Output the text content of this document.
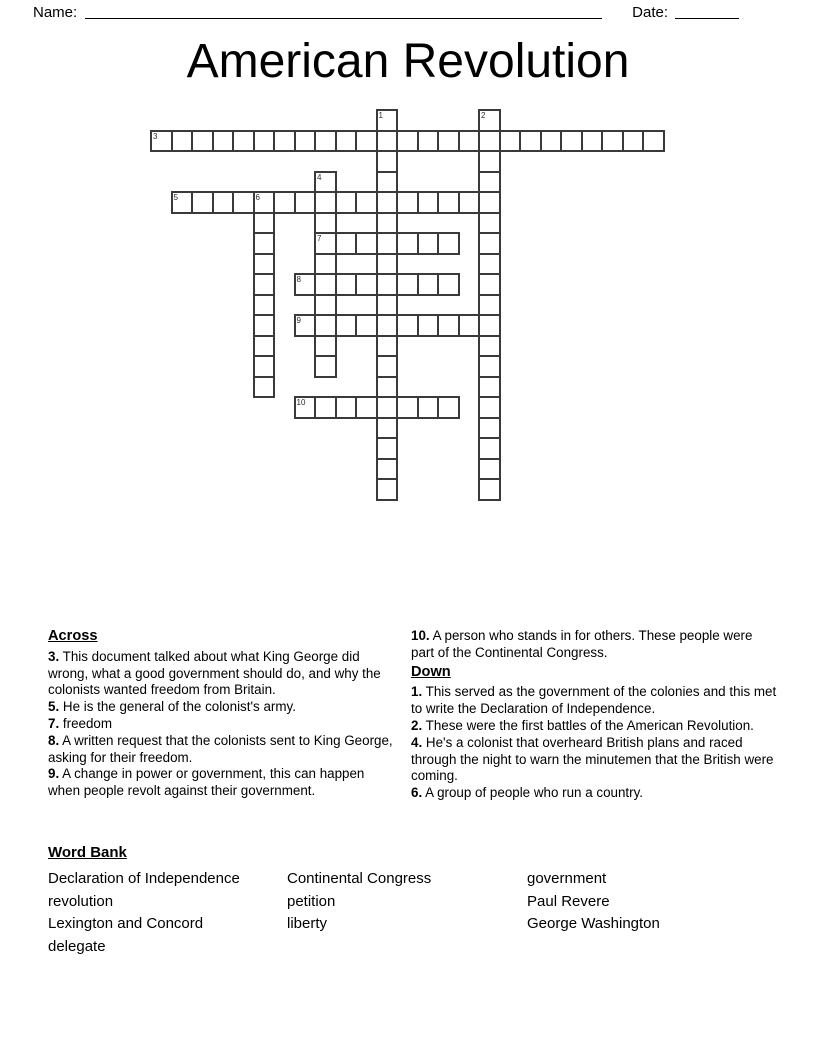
Name:	Date:
American Revolution
3
5	6
7
8
9
10
1	2
4

Across

3. This document talked about what King George did wrong, what a good government should do, and why the colonists wanted freedom from Britain.

5. He is the general of the colonist's army.

7. freedom

8. A written request that the colonists sent to King George, asking for their freedom.

9. A change in power or government, this can happen when people revolt against their government.

10. A person who stands in for others. These people were part of the Continental Congress.

Down

1. This served as the government of the colonies and this met to write the Declaration of Independence.

2. These were the first battles of the American Revolution.

4. He's a colonist that overheard British plans and raced through the night to warn the minutemen that the British were coming.

6. A group of people who run a country.

Word Bank

Declaration of Independence
revolution
Lexington and Concord
delegate
Continental Congress
petition
liberty
government
Paul Revere
George Washington
